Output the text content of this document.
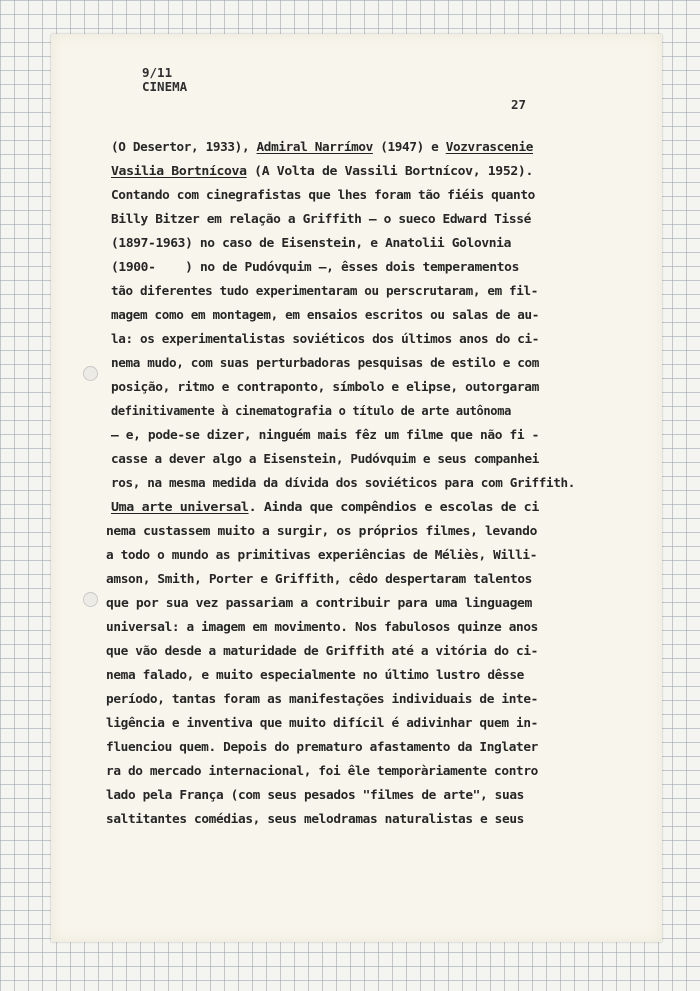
9/11
CINEMA
27
(O Desertor, 1933), Admiral Narrímov (1947) e Vozvrascenie
Vasilia Bortnícova (A Volta de Vassili Bortnícov, 1952).
Contando com cinegrafistas que lhes foram tão fiéis quanto
Billy Bitzer em relação a Griffith — o sueco Edward Tissé
(1897-1963) no caso de Eisenstein, e Anatolii Golovnia
(1900-    ) no de Pudóvquim —, êsses dois temperamentos
tão diferentes tudo experimentaram ou perscrutaram, em fil-
magem como em montagem, em ensaios escritos ou salas de au-
la: os experimentalistas soviéticos dos últimos anos do ci-
nema mudo, com suas perturbadoras pesquisas de estilo e com
posição, ritmo e contraponto, símbolo e elipse, outorgaram
definitivamente à cinematografia o título de arte autônoma
— e, pode-se dizer, ninguém mais fêz um filme que não fi -
casse a dever algo a Eisenstein, Pudóvquim e seus companhei
ros, na mesma medida da dívida dos soviéticos para com Griffith.
Uma arte universal. Ainda que compêndios e escolas de ci
nema custassem muito a surgir, os próprios filmes, levando
a todo o mundo as primitivas experiências de Méliès, Willi-
amson, Smith, Porter e Griffith, cêdo despertaram talentos
que por sua vez passariam a contribuir para uma linguagem
universal: a imagem em movimento. Nos fabulosos quinze anos
que vão desde a maturidade de Griffith até a vitória do ci-
nema falado, e muito especialmente no último lustro dêsse
período, tantas foram as manifestações individuais de inte-
ligência e inventiva que muito difícil é adivinhar quem in-
fluenciou quem. Depois do prematuro afastamento da Inglater
ra do mercado internacional, foi êle temporàriamente contro
lado pela França (com seus pesados "filmes de arte", suas
saltitantes comédias, seus melodramas naturalistas e seus
